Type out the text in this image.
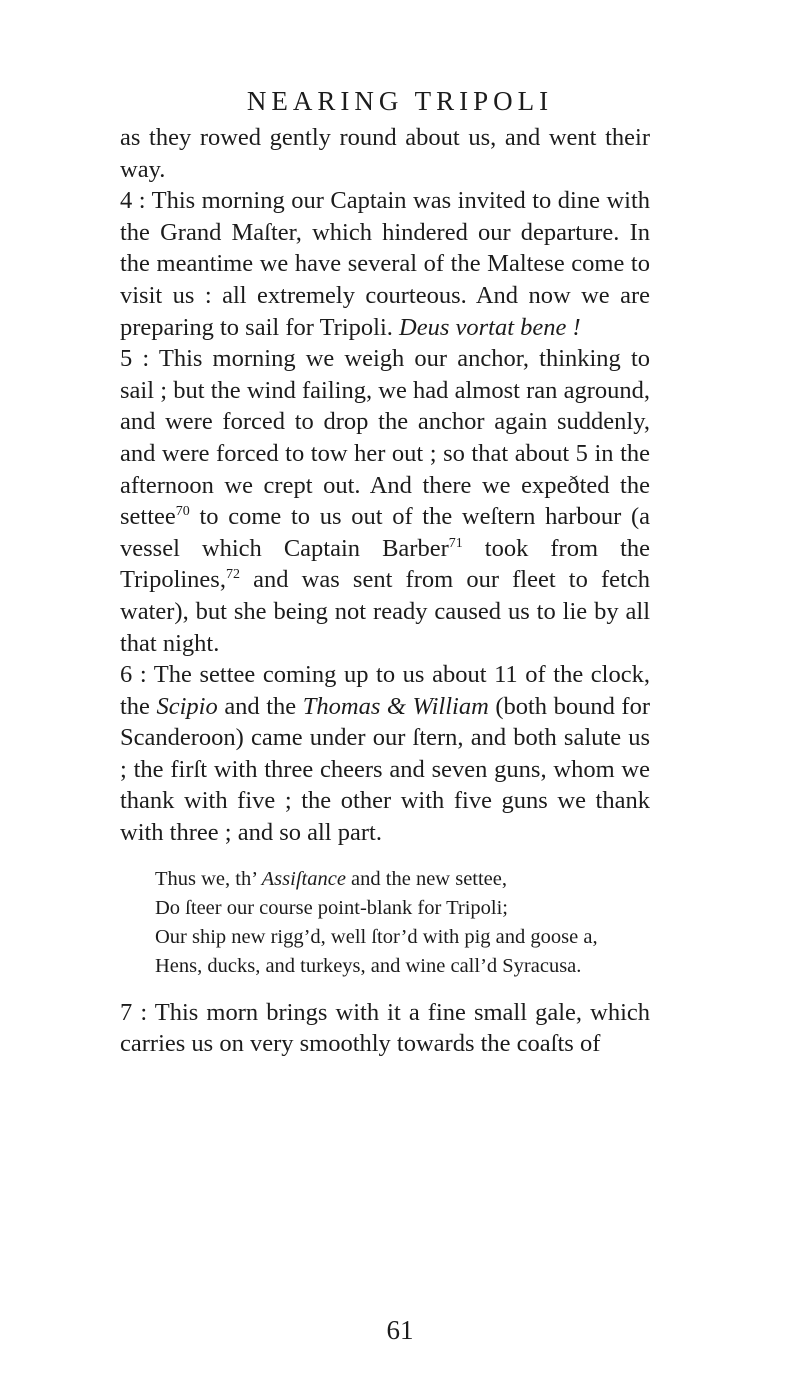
NEARING TRIPOLI

as they rowed gently round about us, and went their way.

4 : This morning our Captain was invited to dine with the Grand Maſter, which hindered our departure. In the meantime we have several of the Maltese come to visit us : all extremely courteous. And now we are preparing to sail for Tripoli. Deus vortat bene !

5 : This morning we weigh our anchor, thinking to sail ; but the wind failing, we had almost ran aground, and were forced to drop the anchor again suddenly, and were forced to tow her out ; so that about 5 in the afternoon we crept out. And there we expeðted the settee$^{70}$ to come to us out of the weſtern harbour (a vessel which Captain Barber$^{71}$ took from the Tripolines,$^{72}$ and was sent from our fleet to fetch water), but she being not ready caused us to lie by all that night.

6 : The settee coming up to us about 11 of the clock, the Scipio and the Thomas & William (both bound for Scanderoon) came under our ſtern, and both salute us ; the firſt with three cheers and seven guns, whom we thank with five ; the other with five guns we thank with three ; and so all part.

Thus we, th’ Assiſtance and the new settee,
Do ſteer our course point-blank for Tripoli;
Our ship new rigg’d, well ſtor’d with pig and goose a,
Hens, ducks, and turkeys, and wine call’d Syracusa.

7 : This morn brings with it a fine small gale, which carries us on very smoothly towards the coaſts of

61
